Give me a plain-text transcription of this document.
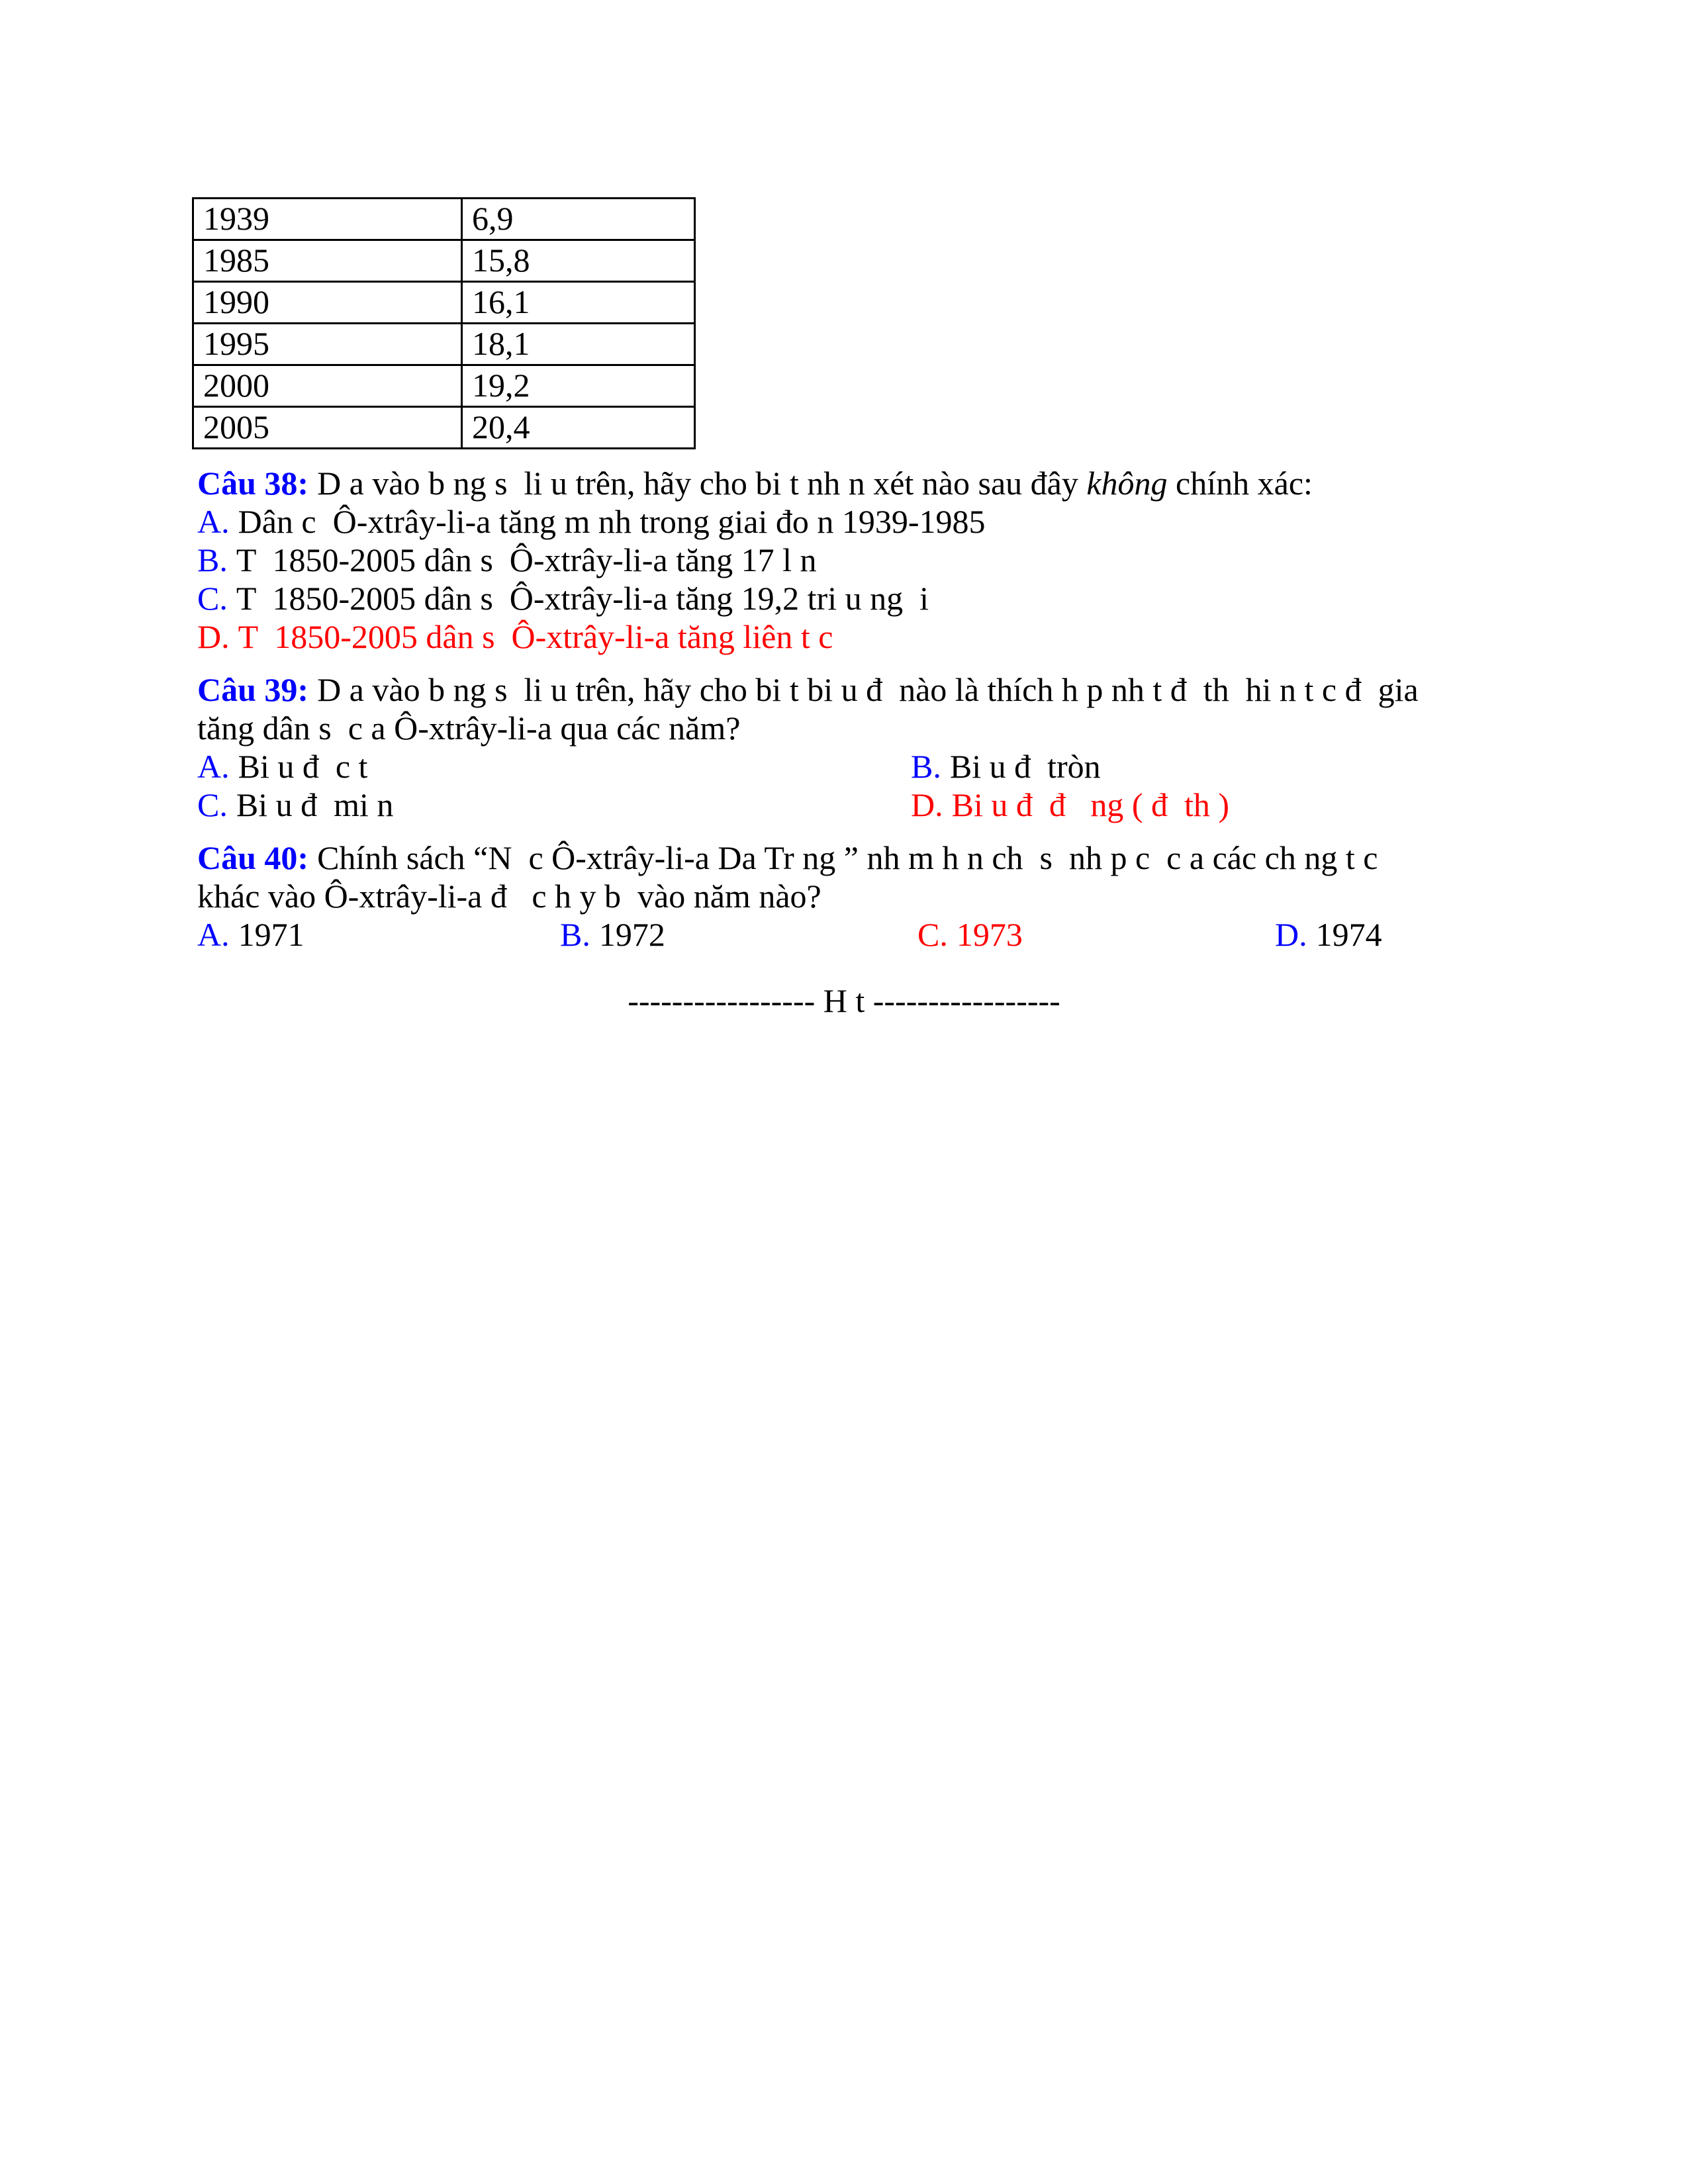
1939	6,9
1985	15,8
1990	16,1
1995	18,1
2000	19,2
2005	20,4

Câu 38: D a vào b ng s  li u trên, hãy cho bi t nh n xét nào sau đây không chính xác:

A. Dân c  Ô-xtrây-li-a tăng m nh trong giai đo n 1939-1985

B. T  1850-2005 dân s  Ô-xtrây-li-a tăng 17 l n

C. T  1850-2005 dân s  Ô-xtrây-li-a tăng 19,2 tri u ng  i

D. T  1850-2005 dân s  Ô-xtrây-li-a tăng liên t c

Câu 39: D a vào b ng s  li u trên, hãy cho bi t bi u đ  nào là thích h p nh t đ  th  hi n t c đ  gia
tăng dân s  c a Ô-xtrây-li-a qua các năm?

A. Bi u đ  c t	B. Bi u đ  tròn

C. Bi u đ  mi n	D. Bi u đ  đ   ng ( đ  th )

Câu 40: Chính sách “N  c Ô-xtrây-li-a Da Tr ng ” nh m h n ch  s  nh p c  c a các ch ng t c
khác vào Ô-xtrây-li-a đ   c h y b  vào năm nào?

A. 1971	B. 1972	C. 1973	D. 1974

----------------- H t -----------------
